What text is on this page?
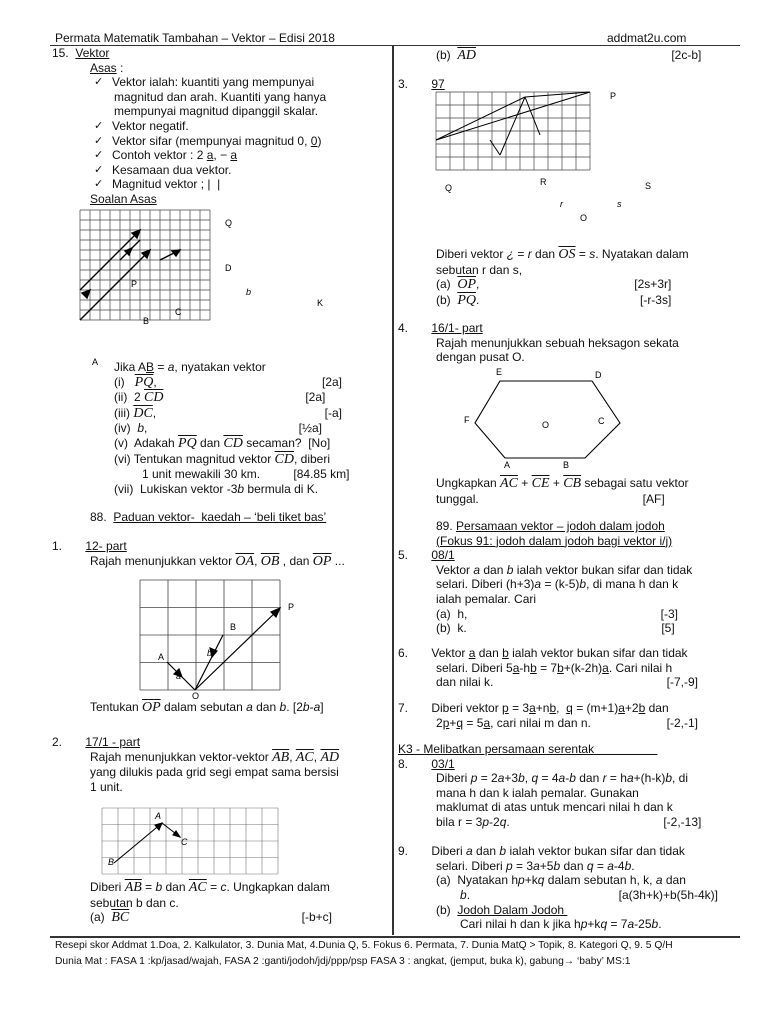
Permata Matematik Tambahan – Vektor – Edisi 2018	addmat2u.com
15.  Vektor
Asas :
✓ Vektor ialah: kuantiti yang mempunyai
magnitud dan arah. Kuantiti yang hanya
mempunyai magnitud dipanggil skalar.
✓ Vektor negatif.
✓ Vektor sifar (mempunyai magnitud 0, 0)
✓ Contoh vektor : 2 a, − a
✓ Kesamaan dua vektor.
✓ Magnitud vektor ; |  |
Soalan Asas
Q
D
P
b
K
C
B
A	Jika AB = a, nyatakan vektor
(i)   $\overline{PQ}$,	[2a]
(ii)  2 $\overline{CD}$	[2a]
(iii) $\overline{DC}$,	[-a]
(iv)  b,	[½a]
(v)  Adakah $\overline{PQ}$ dan $\overline{CD}$ secaman?  [No]
(vi) Tentukan magnitud vektor $\overline{CD}$, diberi
1 unit mewakili 30 km.          [84.85 km]
(vii)  Lukiskan vektor -3b bermula di K.
88.  Paduan vektor-  kaedah – ‘beli tiket bas’
1.       12- part
Rajah menunjukkan vektor $\overline{OA}$, $\overline{OB}$ , dan $\overline{OP}$ ...
P
B
A	b
a
O
Tentukan $\overline{OP}$ dalam sebutan a dan b. [2b-a]
2.       17/1 - part
Rajah menunjukkan vektor-vektor $\overline{AB}$, $\overline{AC}$, $\overline{AD}$
yang dilukis pada grid segi empat sama bersisi
1 unit.
A
B
C
Diberi $\overline{AB} = b$ dan $\overline{AC} = c$. Ungkapkan dalam
sebutan b dan c.
(a)  $\overline{BC}$	[-b+c]
(b)  $\overline{AD}$	[2c-b]
3.       97
P
Q
R	S
r	s
O
Diberi vektor ¿ = r dan $\overline{OS} = s$. Nyatakan dalam
sebutan r dan s,
(a)  $\overline{OP}$,	[2s+3r]
(b)  $\overline{PQ}$.	[-r-3s]
4.       16/1- part
Rajah menunjukkan sebuah heksagon sekata
dengan pusat O.
E	D
F	O	C
A	B
Ungkapkan $\overline{AC} + \overline{CE} + \overline{CB}$ sebagai satu vektor
tunggal.	[AF]
89. Persamaan vektor – jodoh dalam jodoh
(Fokus 91: jodoh dalam jodoh bagi vektor i/j)
5.       08/1
Vektor a dan b ialah vektor bukan sifar dan tidak
selari. Diberi (h+3)a = (k-5)b, di mana h dan k
ialah pemalar. Cari
(a)  h,	[-3]
(b)  k.	[5]
6.       Vektor a dan b ialah vektor bukan sifar dan tidak
selari. Diberi 5a-hb = 7b+(k-2h)a. Cari nilai h
dan nilai k.	[-7,-9]
7.       Diberi vektor p = 3a+nb,  q = (m+1)a+2b dan
2p+q = 5a, cari nilai m dan n.	[-2,-1]
K3 - Melibatkan persamaan serentak
8.       03/1
Diberi p = 2a+3b, q = 4a-b dan r = ha+(h-k)b, di
mana h dan k ialah pemalar. Gunakan
maklumat di atas untuk mencari nilai h dan k
bila r = 3p-2q.	[-2,-13]

9.       Diberi a dan b ialah vektor bukan sifar dan tidak
selari. Diberi p = 3a+5b dan q = a-4b.
(a)  Nyatakan hp+kq dalam sebutan h, k, a dan
b.	[a(3h+k)+b(5h-4k)]
(b)  Jodoh Dalam Jodoh
Cari nilai h dan k jika hp+kq = 7a-25b.
Resepi skor Addmat 1.Doa, 2. Kalkulator, 3. Dunia Mat, 4.Dunia Q, 5. Fokus 6. Permata, 7. Dunia MatQ > Topik, 8. Kategori Q, 9. 5 Q/H
Dunia Mat : FASA 1 :kp/jasad/wajah, FASA 2 :ganti/jodoh/jdj/ppp/psp FASA 3 : angkat, (jemput, buka k), gabung→ ‘baby’ MS:1
